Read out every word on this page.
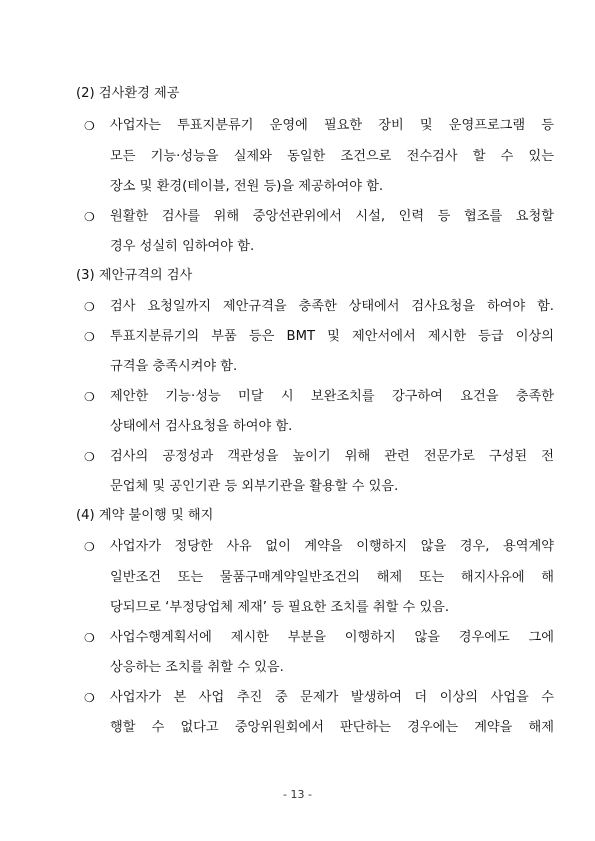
(2) 검사환경 제공
❍ 사업자는 투표지분류기 운영에 필요한 장비 및 운영프로그램 등
모든 기능·성능을 실제와 동일한 조건으로 전수검사 할 수 있는
장소 및 환경(테이블, 전원 등)을 제공하여야 함.
❍ 원활한 검사를 위해 중앙선관위에서 시설, 인력 등 협조를 요청할
경우 성실히 임하여야 함.
(3) 제안규격의 검사
❍ 검사 요청일까지 제안규격을 충족한 상태에서 검사요청을 하여야 함.
❍ 투표지분류기의 부품 등은 BMT 및 제안서에서 제시한 등급 이상의
규격을 충족시켜야 함.
❍ 제안한 기능·성능 미달 시 보완조치를 강구하여 요건을 충족한
상태에서 검사요청을 하여야 함.
❍ 검사의 공정성과 객관성을 높이기 위해 관련 전문가로 구성된 전
문업체 및 공인기관 등 외부기관을 활용할 수 있음.
(4) 계약 불이행 및 해지
❍ 사업자가 정당한 사유 없이 계약을 이행하지 않을 경우, 용역계약
일반조건 또는 물품구매계약일반조건의 해제 또는 해지사유에 해
당되므로 ‘부정당업체 제재’ 등 필요한 조치를 취할 수 있음.
❍ 사업수행계획서에 제시한 부분을 이행하지 않을 경우에도 그에
상응하는 조치를 취할 수 있음.
❍ 사업자가 본 사업 추진 중 문제가 발생하여 더 이상의 사업을 수
행할 수 없다고 중앙위원회에서 판단하는 경우에는 계약을 해제
- 13 -
